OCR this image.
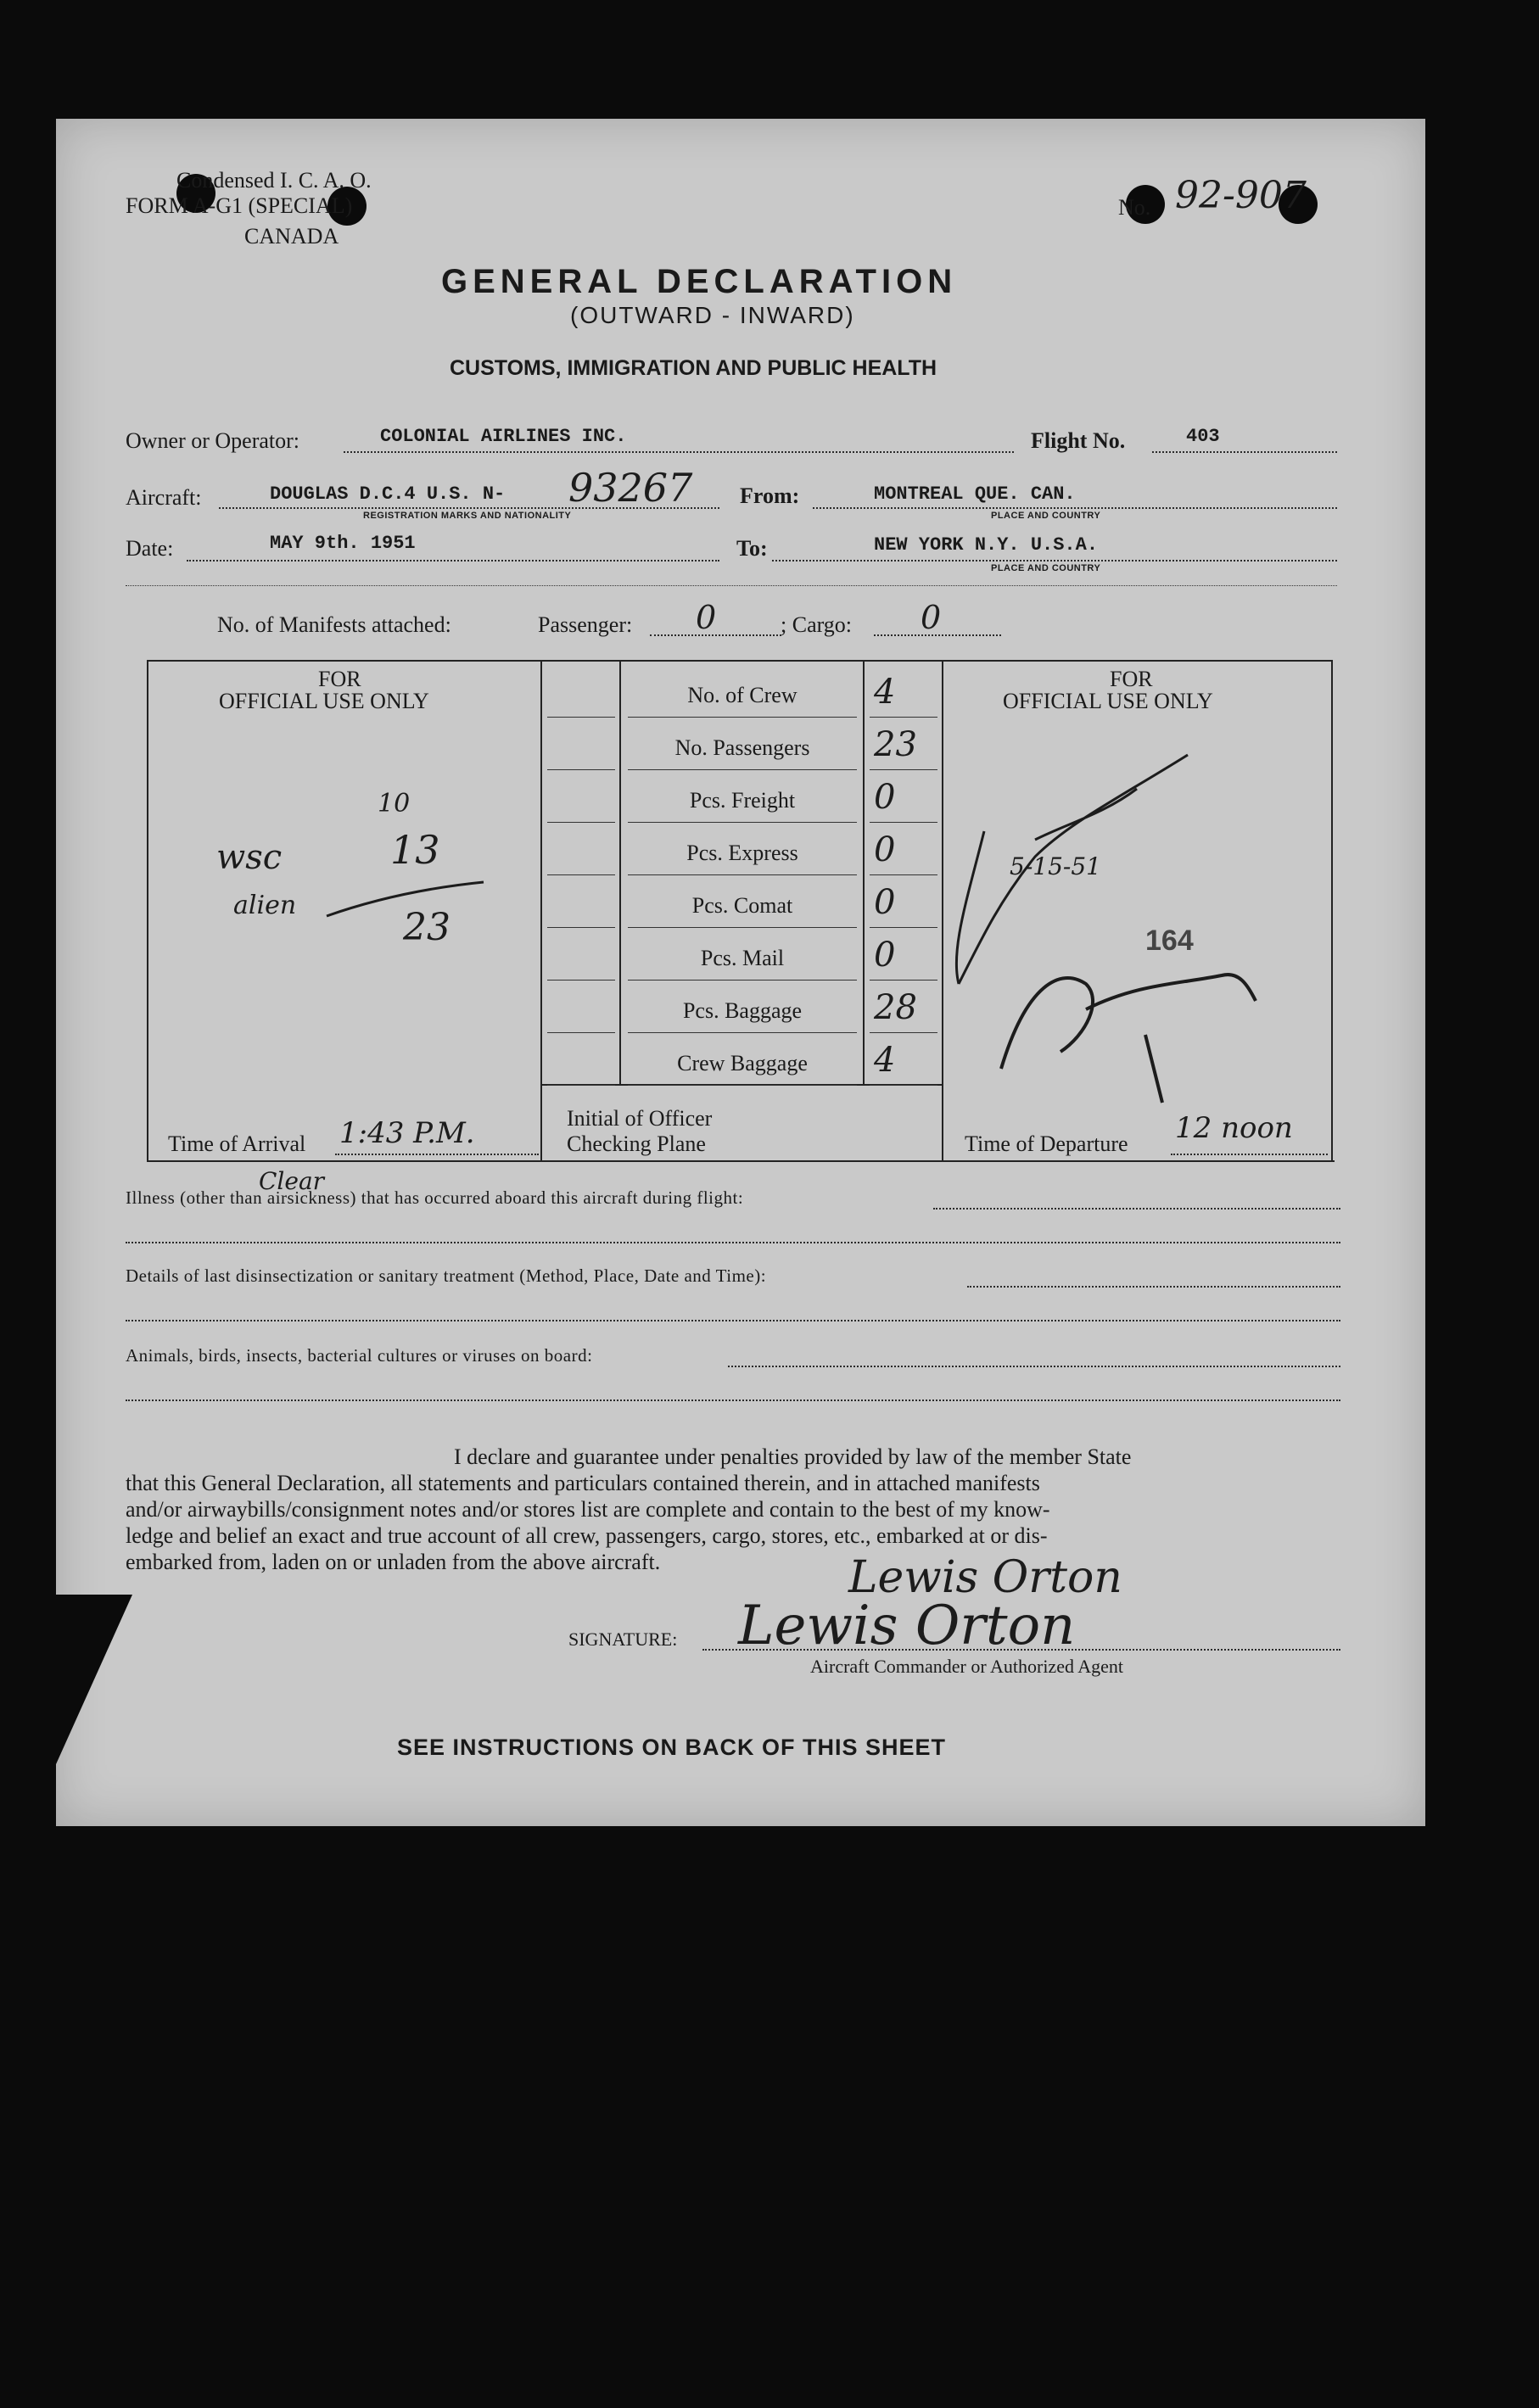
Condensed I. C. A. O.
FORM A-G1 (SPECIAL)
CANADA
No. 92-907
GENERAL DECLARATION
(OUTWARD - INWARD)
CUSTOMS, IMMIGRATION AND PUBLIC HEALTH
Owner or Operator:	COLONIAL AIRLINES INC.	Flight No.	403
Aircraft:	DOUGLAS D.C.4 U.S. N- 93267
REGISTRATION MARKS AND NATIONALITY
From:	MONTREAL QUE. CAN.
PLACE AND COUNTRY
Date:	MAY 9th. 1951	To:	NEW YORK N.Y. U.S.A.
PLACE AND COUNTRY
No. of Manifests attached:	Passenger: 0	; Cargo: 0
FOR
OFFICIAL USE ONLY
FOR
OFFICIAL USE ONLY
No. of Crew	4
No. Passengers	23
Pcs. Freight	0
Pcs. Express	0
Pcs. Comat	0
Pcs. Mail	0
Pcs. Baggage	28
Crew Baggage	4
wsc
10
13
alien
23	164
5-15-51
Time of Arrival 1:43 P.M.	Initial of Officer
Checking Plane	Time of Departure 12 noon
Clear
Illness (other than airsickness) that has occurred aboard this aircraft during flight:
Details of last disinsectization or sanitary treatment (Method, Place, Date and Time):
Animals, birds, insects, bacterial cultures or viruses on board:
I declare and guarantee under penalties provided by law of the member State
that this General Declaration, all statements and particulars contained therein, and in attached manifests
and/or airwaybills/consignment notes and/or stores list are complete and contain to the best of my know-
ledge and belief an exact and true account of all crew, passengers, cargo, stores, etc., embarked at or dis-
embarked from, laden on or unladen from the above aircraft.	Lewis Orton
SIGNATURE: Lewis Orton
Aircraft Commander or Authorized Agent
SEE INSTRUCTIONS ON BACK OF THIS SHEET
